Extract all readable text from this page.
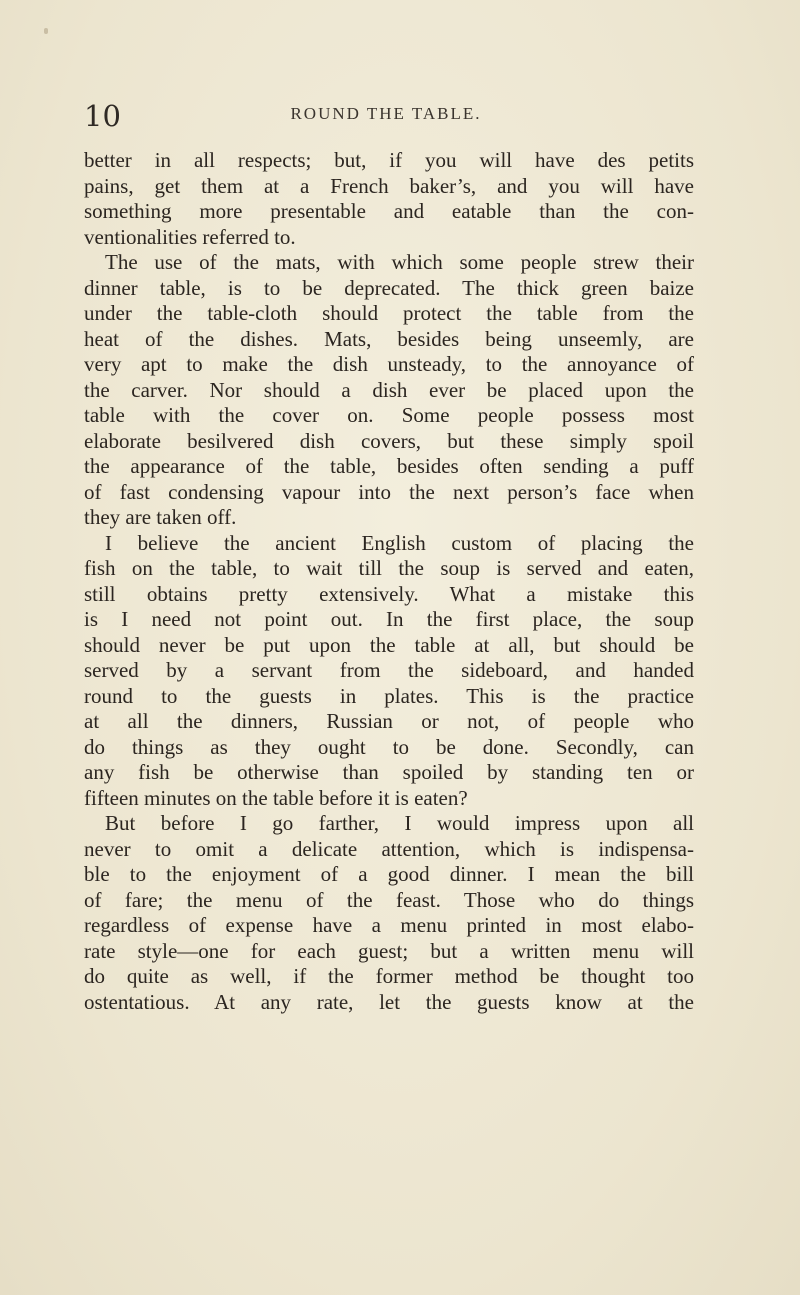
10	ROUND THE TABLE.
better in all respects; but, if you will have des petits
pains, get them at a French baker’s, and you will have
something more presentable and eatable than the con-
ventionalities referred to.
The use of the mats, with which some people strew their
dinner table, is to be deprecated. The thick green baize
under the table-cloth should protect the table from the
heat of the dishes. Mats, besides being unseemly, are
very apt to make the dish unsteady, to the annoyance of
the carver. Nor should a dish ever be placed upon the
table with the cover on. Some people possess most
elaborate besilvered dish covers, but these simply spoil
the appearance of the table, besides often sending a puff
of fast condensing vapour into the next person’s face when
they are taken off.
I believe the ancient English custom of placing the
fish on the table, to wait till the soup is served and eaten,
still obtains pretty extensively. What a mistake this
is I need not point out. In the first place, the soup
should never be put upon the table at all, but should be
served by a servant from the sideboard, and handed
round to the guests in plates. This is the practice
at all the dinners, Russian or not, of people who
do things as they ought to be done. Secondly, can
any fish be otherwise than spoiled by standing ten or
fifteen minutes on the table before it is eaten?
But before I go farther, I would impress upon all
never to omit a delicate attention, which is indispensa-
ble to the enjoyment of a good dinner. I mean the bill
of fare; the menu of the feast. Those who do things
regardless of expense have a menu printed in most elabo-
rate style—one for each guest; but a written menu will
do quite as well, if the former method be thought too
ostentatious. At any rate, let the guests know at the
